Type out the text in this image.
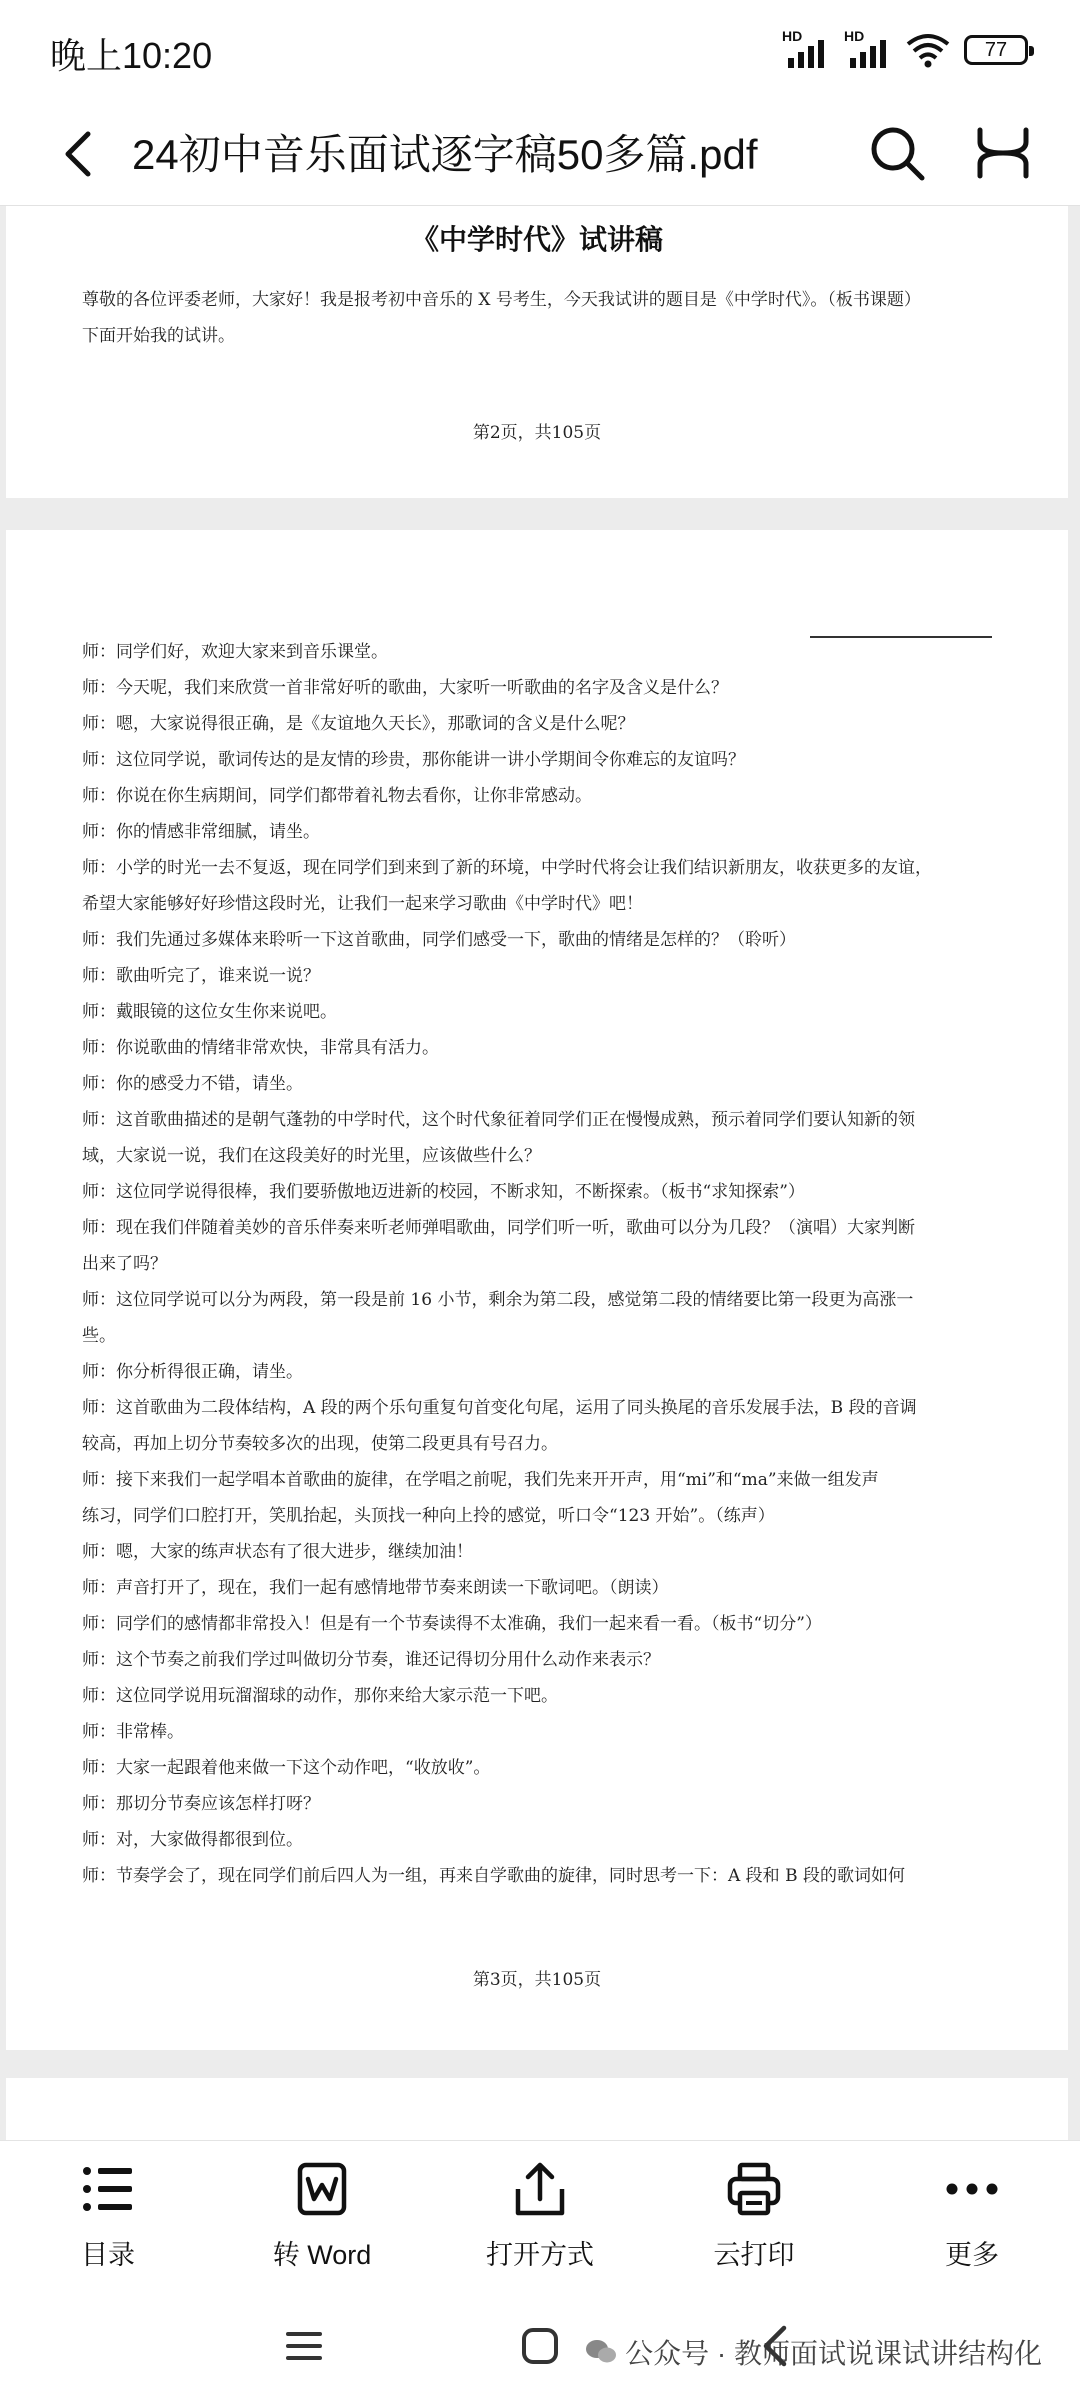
晚上10:20	HD	HD
77
24初中音乐面试逐字稿50多篇.pdf
《中学时代》试讲稿
尊敬的各位评委老师，大家好！我是报考初中音乐的 X 号考生，今天我试讲的题目是《中学时代》。（板书课题）
下面开始我的试讲。
第2页，共105页
师：同学们好，欢迎大家来到音乐课堂。
师：今天呢，我们来欣赏一首非常好听的歌曲，大家听一听歌曲的名字及含义是什么？
师：嗯，大家说得很正确，是《友谊地久天长》，那歌词的含义是什么呢？
师：这位同学说，歌词传达的是友情的珍贵，那你能讲一讲小学期间令你难忘的友谊吗？
师：你说在你生病期间，同学们都带着礼物去看你，让你非常感动。
师：你的情感非常细腻，请坐。
师：小学的时光一去不复返，现在同学们到来到了新的环境，中学时代将会让我们结识新朋友，收获更多的友谊，
希望大家能够好好珍惜这段时光，让我们一起来学习歌曲《中学时代》吧！
师：我们先通过多媒体来聆听一下这首歌曲，同学们感受一下，歌曲的情绪是怎样的？（聆听）
师：歌曲听完了，谁来说一说？
师：戴眼镜的这位女生你来说吧。
师：你说歌曲的情绪非常欢快，非常具有活力。
师：你的感受力不错，请坐。
师：这首歌曲描述的是朝气蓬勃的中学时代，这个时代象征着同学们正在慢慢成熟，预示着同学们要认知新的领
域，大家说一说，我们在这段美好的时光里，应该做些什么？
师：这位同学说得很棒，我们要骄傲地迈进新的校园，不断求知，不断探索。（板书“求知探索”）
师：现在我们伴随着美妙的音乐伴奏来听老师弹唱歌曲，同学们听一听，歌曲可以分为几段？（演唱）大家判断
出来了吗？
师：这位同学说可以分为两段，第一段是前 16 小节，剩余为第二段，感觉第二段的情绪要比第一段更为高涨一
些。
师：你分析得很正确，请坐。
师：这首歌曲为二段体结构，A 段的两个乐句重复句首变化句尾，运用了同头换尾的音乐发展手法，B 段的音调
较高，再加上切分节奏较多次的出现，使第二段更具有号召力。
师：接下来我们一起学唱本首歌曲的旋律，在学唱之前呢，我们先来开开声，用“mi”和“ma”来做一组发声
练习，同学们口腔打开，笑肌抬起，头顶找一种向上拎的感觉，听口令“123 开始”。（练声）
师：嗯，大家的练声状态有了很大进步，继续加油！
师：声音打开了，现在，我们一起有感情地带节奏来朗读一下歌词吧。（朗读）
师：同学们的感情都非常投入！但是有一个节奏读得不太准确，我们一起来看一看。（板书“切分”）
师：这个节奏之前我们学过叫做切分节奏，谁还记得切分用什么动作来表示？
师：这位同学说用玩溜溜球的动作，那你来给大家示范一下吧。
师：非常棒。
师：大家一起跟着他来做一下这个动作吧，“收放收”。
师：那切分节奏应该怎样打呀？
师：对，大家做得都很到位。
师：节奏学会了，现在同学们前后四人为一组，再来自学歌曲的旋律，同时思考一下：A 段和 B 段的歌词如何
第3页，共105页
目录	转 Word	打开方式	云打印	更多
公众号 · 教师面试说课试讲结构化
